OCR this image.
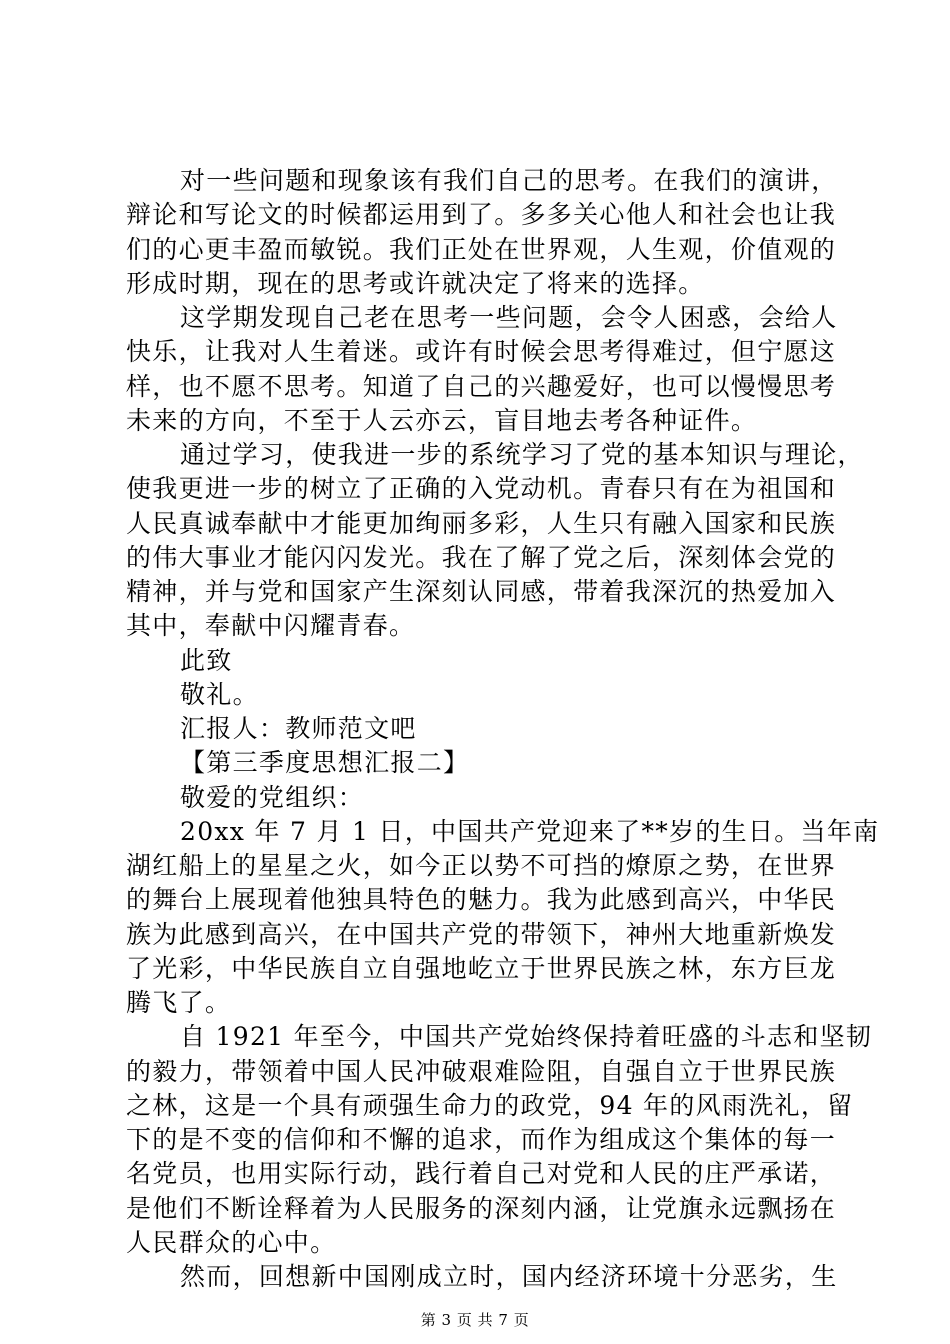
对一些问题和现象该有我们自己的思考。在我们的演讲，
辩论和写论文的时候都运用到了。多多关心他人和社会也让我
们的心更丰盈而敏锐。我们正处在世界观，人生观，价值观的
形成时期，现在的思考或许就决定了将来的选择。
这学期发现自己老在思考一些问题，会令人困惑，会给人
快乐，让我对人生着迷。或许有时候会思考得难过，但宁愿这
样，也不愿不思考。知道了自己的兴趣爱好，也可以慢慢思考
未来的方向，不至于人云亦云，盲目地去考各种证件。
通过学习，使我进一步的系统学习了党的基本知识与理论，
使我更进一步的树立了正确的入党动机。青春只有在为祖国和
人民真诚奉献中才能更加绚丽多彩，人生只有融入国家和民族
的伟大事业才能闪闪发光。我在了解了党之后，深刻体会党的
精神，并与党和国家产生深刻认同感，带着我深沉的热爱加入
其中，奉献中闪耀青春。
此致
敬礼。
汇报人：教师范文吧
【第三季度思想汇报二】
敬爱的党组织：
20xx 年 7 月 1 日，中国共产党迎来了**岁的生日。当年南
湖红船上的星星之火，如今正以势不可挡的燎原之势，在世界
的舞台上展现着他独具特色的魅力。我为此感到高兴，中华民
族为此感到高兴，在中国共产党的带领下，神州大地重新焕发
了光彩，中华民族自立自强地屹立于世界民族之林，东方巨龙
腾飞了。
自 1921 年至今，中国共产党始终保持着旺盛的斗志和坚韧
的毅力，带领着中国人民冲破艰难险阻，自强自立于世界民族
之林，这是一个具有顽强生命力的政党，94 年的风雨洗礼，留
下的是不变的信仰和不懈的追求，而作为组成这个集体的每一
名党员，也用实际行动，践行着自己对党和人民的庄严承诺，
是他们不断诠释着为人民服务的深刻内涵，让党旗永远飘扬在
人民群众的心中。
然而，回想新中国刚成立时，国内经济环境十分恶劣，生
第 3 页 共 7 页
